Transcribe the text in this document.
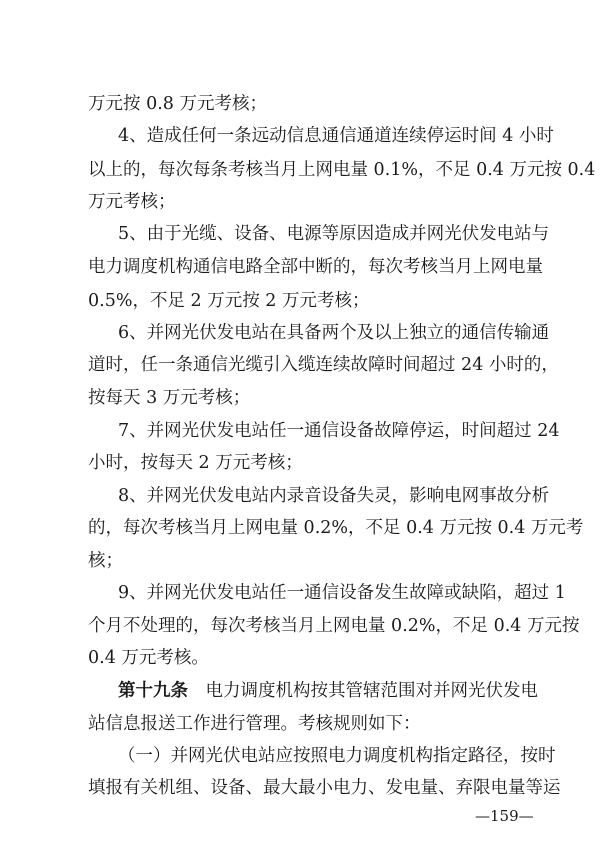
万元按 0.8 万元考核；
4、造成任何一条远动信息通信通道连续停运时间 4 小时
以上的，每次每条考核当月上网电量 0.1%，不足 0.4 万元按 0.4
万元考核；
5、由于光缆、设备、电源等原因造成并网光伏发电站与
电力调度机构通信电路全部中断的，每次考核当月上网电量
0.5%，不足 2 万元按 2 万元考核；
6、并网光伏发电站在具备两个及以上独立的通信传输通
道时，任一条通信光缆引入缆连续故障时间超过 24 小时的，
按每天 3 万元考核；
7、并网光伏发电站任一通信设备故障停运，时间超过 24
小时，按每天 2 万元考核；
8、并网光伏发电站内录音设备失灵，影响电网事故分析
的，每次考核当月上网电量 0.2%，不足 0.4 万元按 0.4 万元考
核；
9、并网光伏发电站任一通信设备发生故障或缺陷，超过 1
个月不处理的，每次考核当月上网电量 0.2%，不足 0.4 万元按
0.4 万元考核。
第十九条　 电力调度机构按其管辖范围对并网光伏发电
站信息报送工作进行管理。考核规则如下：
（一）并网光伏电站应按照电力调度机构指定路径，按时
—159—
填报有关机组、设备、最大最小电力、发电量、弃限电量等运
